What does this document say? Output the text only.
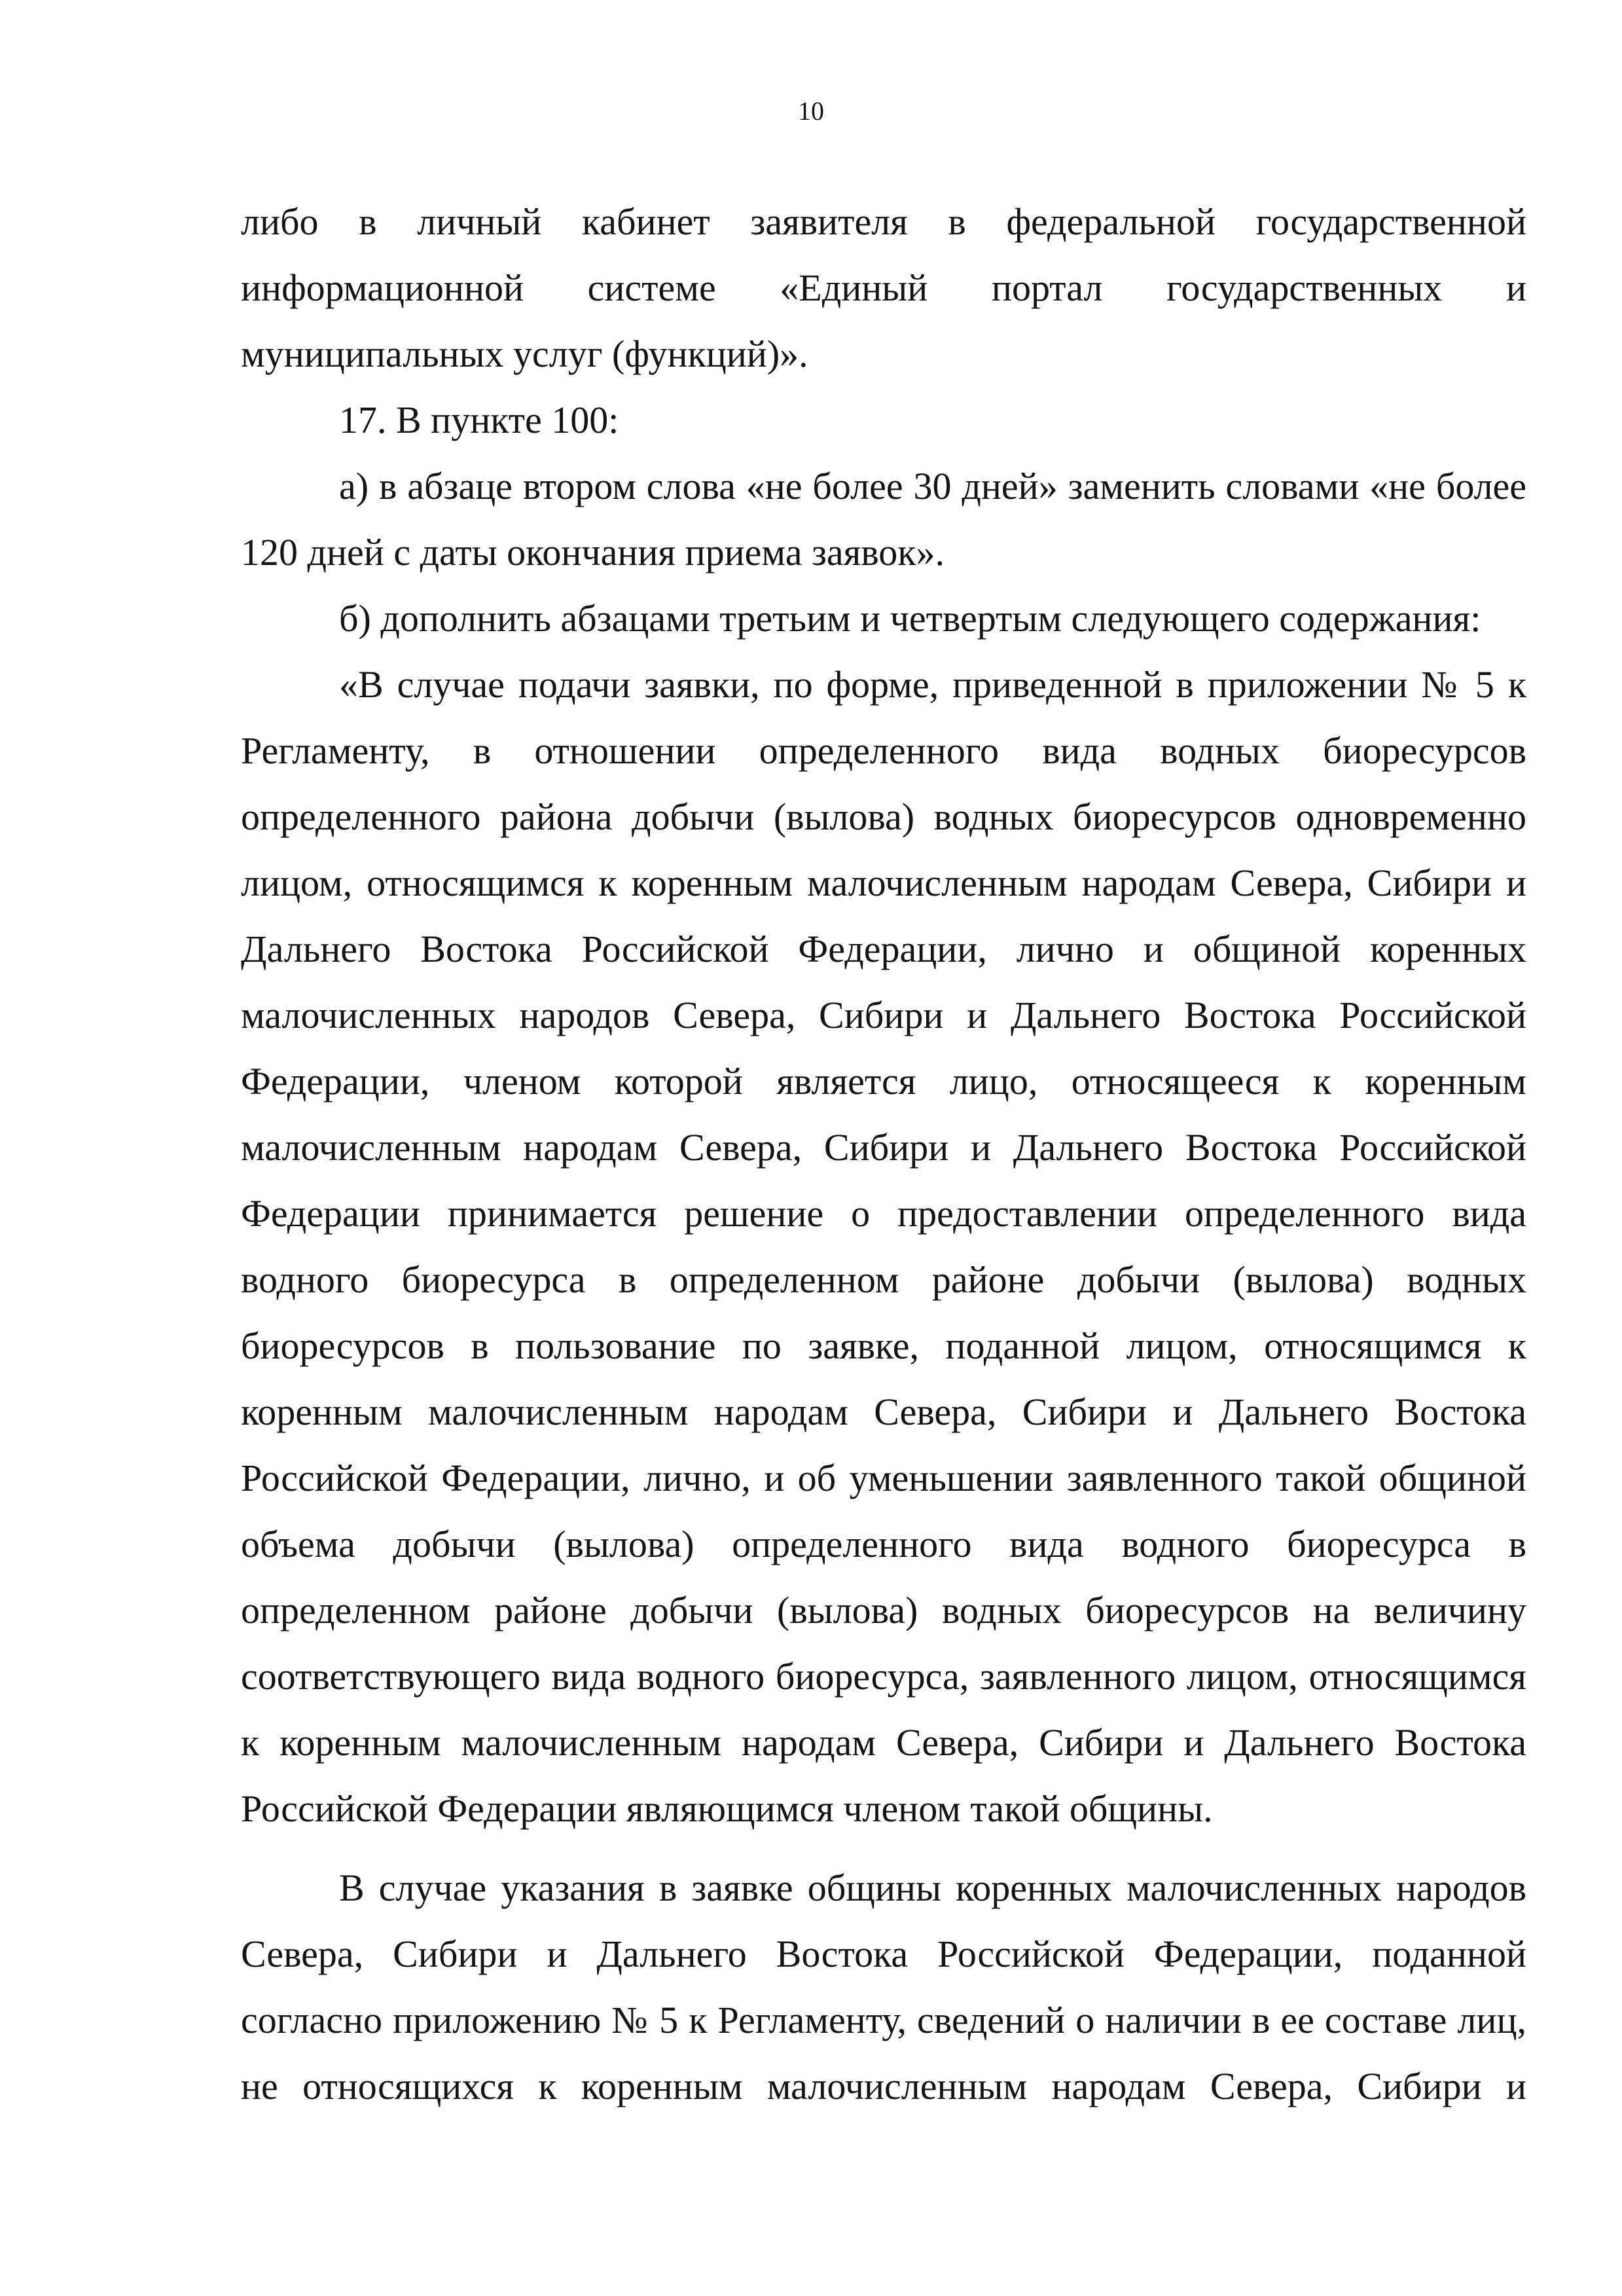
10

либо в личный кабинет заявителя в федеральной государственной информационной системе «Единый портал государственных и муниципальных услуг (функций)».

17. В пункте 100:

а) в абзаце втором слова «не более 30 дней» заменить словами «не более 120 дней с даты окончания приема заявок».

б) дополнить абзацами третьим и четвертым следующего содержания:

«В случае подачи заявки, по форме, приведенной в приложении № 5 к Регламенту, в отношении определенного вида водных биоресурсов определенного района добычи (вылова) водных биоресурсов одновременно лицом, относящимся к коренным малочисленным народам Севера, Сибири и Дальнего Востока Российской Федерации, лично и общиной коренных малочисленных народов Севера, Сибири и Дальнего Востока Российской Федерации, членом которой является лицо, относящееся к коренным малочисленным народам Севера, Сибири и Дальнего Востока Российской Федерации принимается решение о предоставлении определенного вида водного биоресурса в определенном районе добычи (вылова) водных биоресурсов в пользование по заявке, поданной лицом, относящимся к коренным малочисленным народам Севера, Сибири и Дальнего Востока Российской Федерации, лично, и об уменьшении заявленного такой общиной объема добычи (вылова) определенного вида водного биоресурса в определенном районе добычи (вылова) водных биоресурсов на величину соответствующего вида водного биоресурса, заявленного лицом, относящимся к коренным малочисленным народам Севера, Сибири и Дальнего Востока Российской Федерации являющимся членом такой общины.

В случае указания в заявке общины коренных малочисленных народов Севера, Сибири и Дальнего Востока Российской Федерации, поданной согласно приложению № 5 к Регламенту, сведений о наличии в ее составе лиц, не относящихся к коренным малочисленным народам Севера, Сибири и
